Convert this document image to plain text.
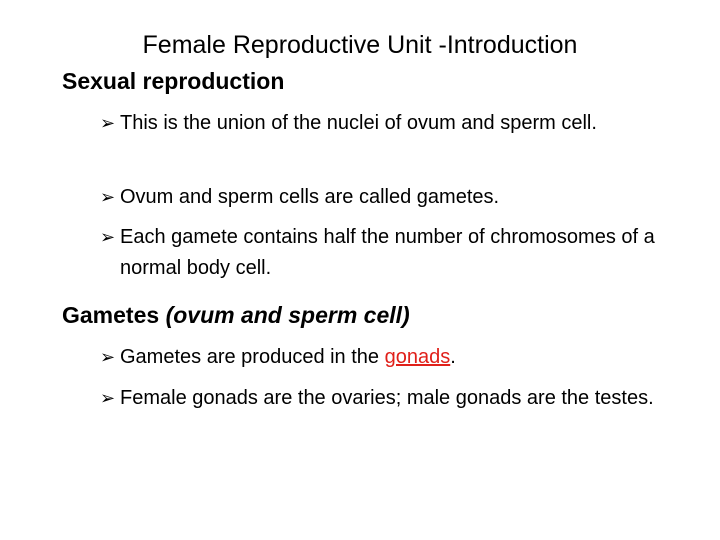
Female Reproductive Unit -Introduction
Sexual reproduction
➢ This is the union of the nuclei of ovum and sperm cell.
➢ Ovum and sperm cells are called gametes.
➢ Each gamete contains half the number of chromosomes of a normal body cell.
Gametes (ovum and sperm cell)
➢ Gametes are produced in the gonads.
➢ Female gonads are the ovaries; male gonads are the testes.
